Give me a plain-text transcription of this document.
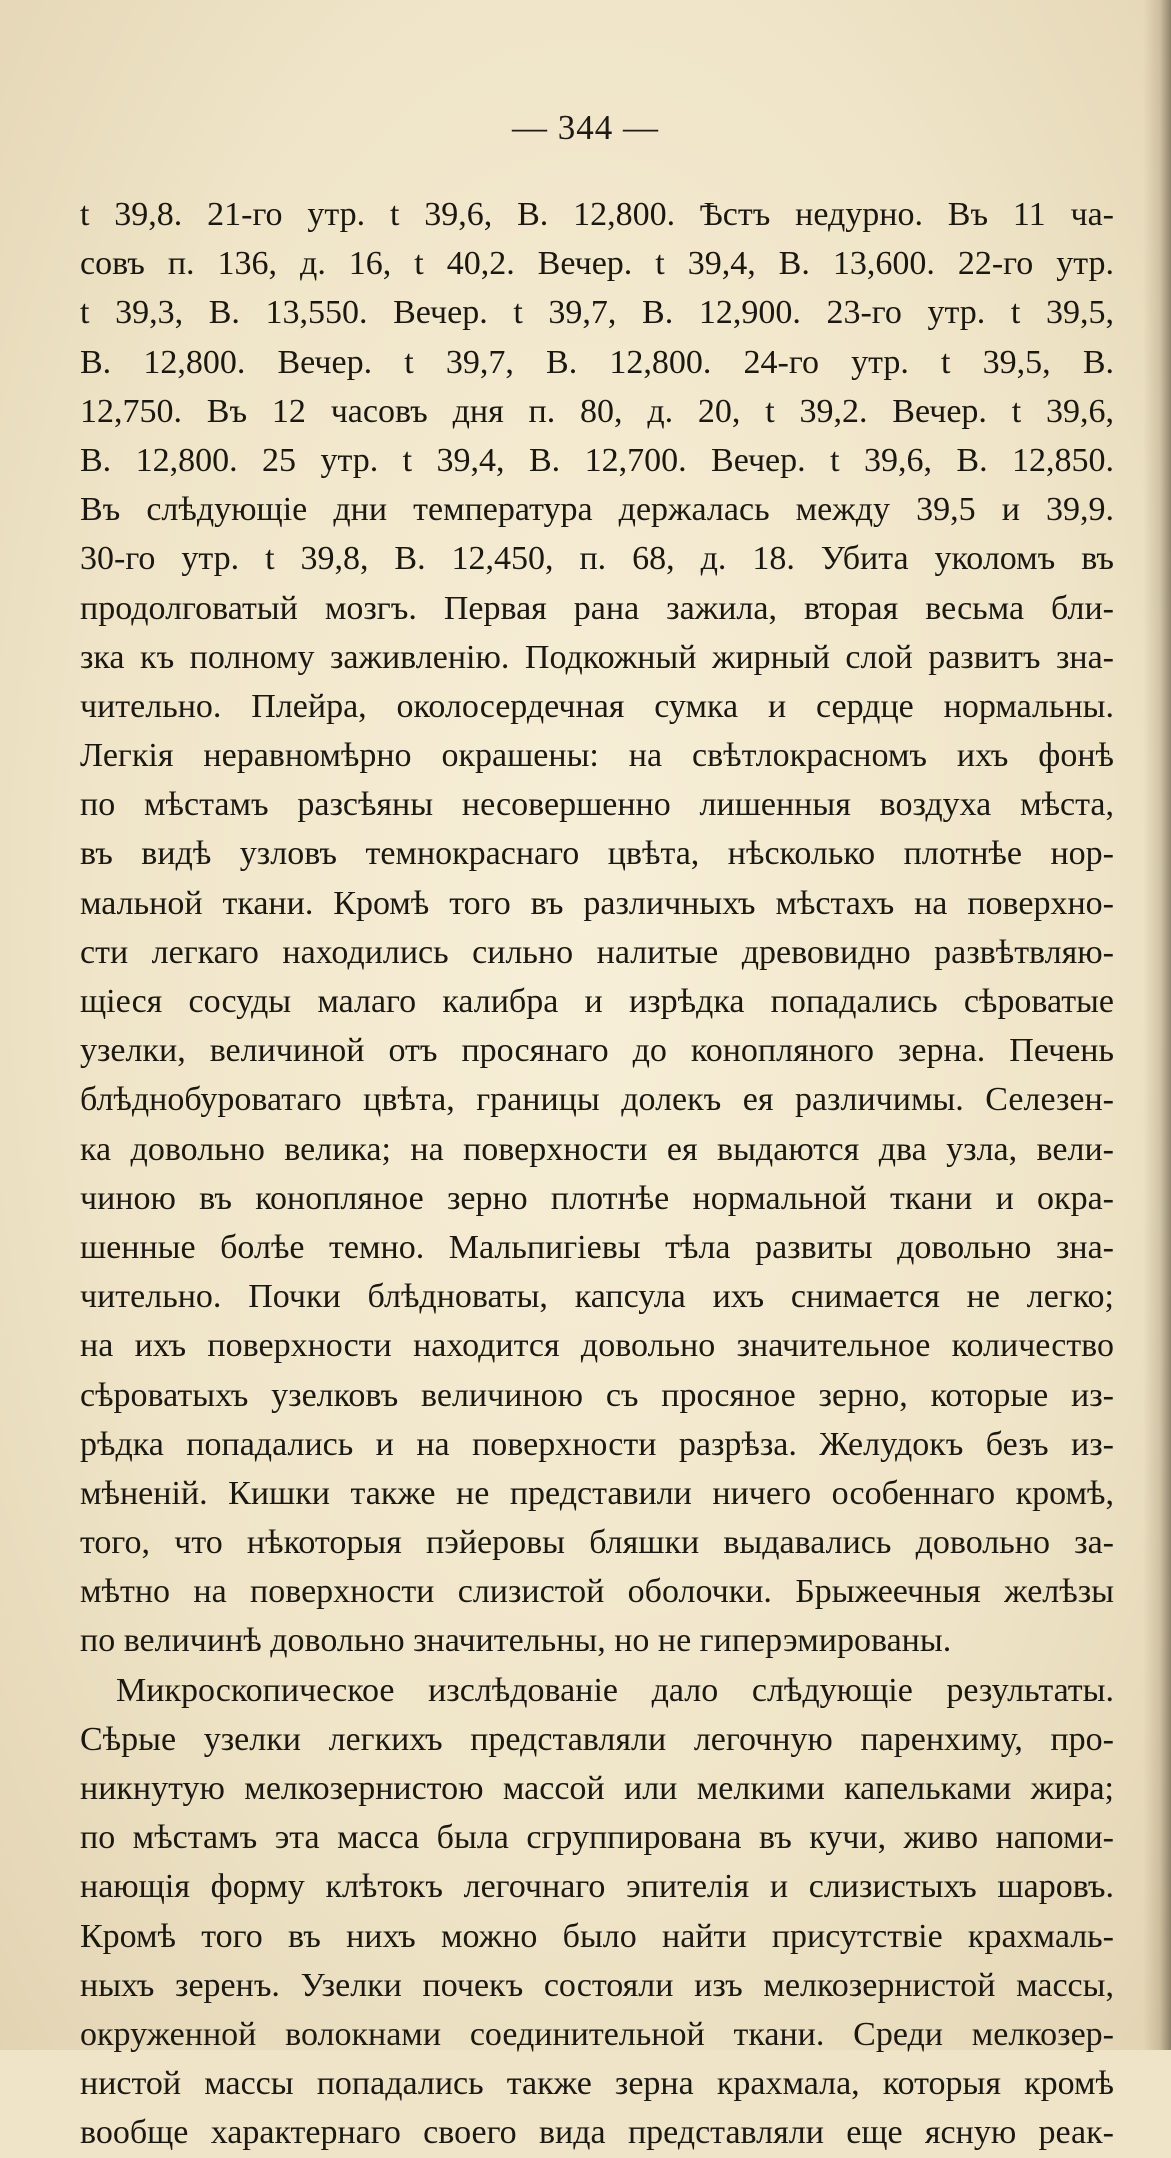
— 344 —
t 39,8. 21-го утр. t 39,6, В. 12,800. Ѣстъ недурно. Въ 11 ча-
совъ п. 136, д. 16, t 40,2. Вечер. t 39,4, В. 13,600. 22-го утр.
t 39,3, В. 13,550. Вечер. t 39,7, В. 12,900. 23-го утр. t 39,5,
В. 12,800. Вечер. t 39,7, В. 12,800. 24-го утр. t 39,5, В.
12,750. Въ 12 часовъ дня п. 80, д. 20, t 39,2. Вечер. t 39,6,
В. 12,800. 25 утр. t 39,4, В. 12,700. Вечер. t 39,6, В. 12,850.
Въ слѣдующіе дни температура держалась между 39,5 и 39,9.
30-го утр. t 39,8, В. 12,450, п. 68, д. 18. Убита уколомъ въ
продолговатый мозгъ. Первая рана зажила, вторая весьма бли-
зка къ полному заживленію. Подкожный жирный слой развитъ зна-
чительно. Плейра, околосердечная сумка и сердце нормальны.
Легкія неравномѣрно окрашены: на свѣтлокрасномъ ихъ фонѣ
по мѣстамъ разсѣяны несовершенно лишенныя воздуха мѣста,
въ видѣ узловъ темнокраснаго цвѣта, нѣсколько плотнѣе нор-
мальной ткани. Кромѣ того въ различныхъ мѣстахъ на поверхно-
сти легкаго находились сильно налитые древовидно развѣтвляю-
щіеся сосуды малаго калибра и изрѣдка попадались сѣроватые
узелки, величиной отъ просянаго до конопляного зерна. Печень
блѣднобуроватаго цвѣта, границы долекъ ея различимы. Селезен-
ка довольно велика; на поверхности ея выдаются два узла, вели-
чиною въ конопляное зерно плотнѣе нормальной ткани и окра-
шенные болѣе темно. Мальпигіевы тѣла развиты довольно зна-
чительно. Почки блѣдноваты, капсула ихъ снимается не легко;
на ихъ поверхности находится довольно значительное количество
сѣроватыхъ узелковъ величиною съ просяное зерно, которые из-
рѣдка попадались и на поверхности разрѣза. Желудокъ безъ из-
мѣненій. Кишки также не представили ничего особеннаго кромѣ,
того, что нѣкоторыя пэйеровы бляшки выдавались довольно за-
мѣтно на поверхности слизистой оболочки. Брыжеечныя желѣзы
по величинѣ довольно значительны, но не гиперэмированы.
Микроскопическое изслѣдованіе дало слѣдующіе результаты.
Сѣрые узелки легкихъ представляли легочную паренхиму, про-
никнутую мелкозернистою массой или мелкими капельками жира;
по мѣстамъ эта масса была сгруппирована въ кучи, живо напоми-
нающія форму клѣтокъ легочнаго эпителія и слизистыхъ шаровъ.
Кромѣ того въ нихъ можно было найти присутствіе крахмаль-
ныхъ зеренъ. Узелки почекъ состояли изъ мелкозернистой массы,
окруженной волокнами соединительной ткани. Среди мелкозер-
нистой массы попадались также зерна крахмала, которыя кромѣ
вообще характернаго своего вида представляли еще ясную реак-
